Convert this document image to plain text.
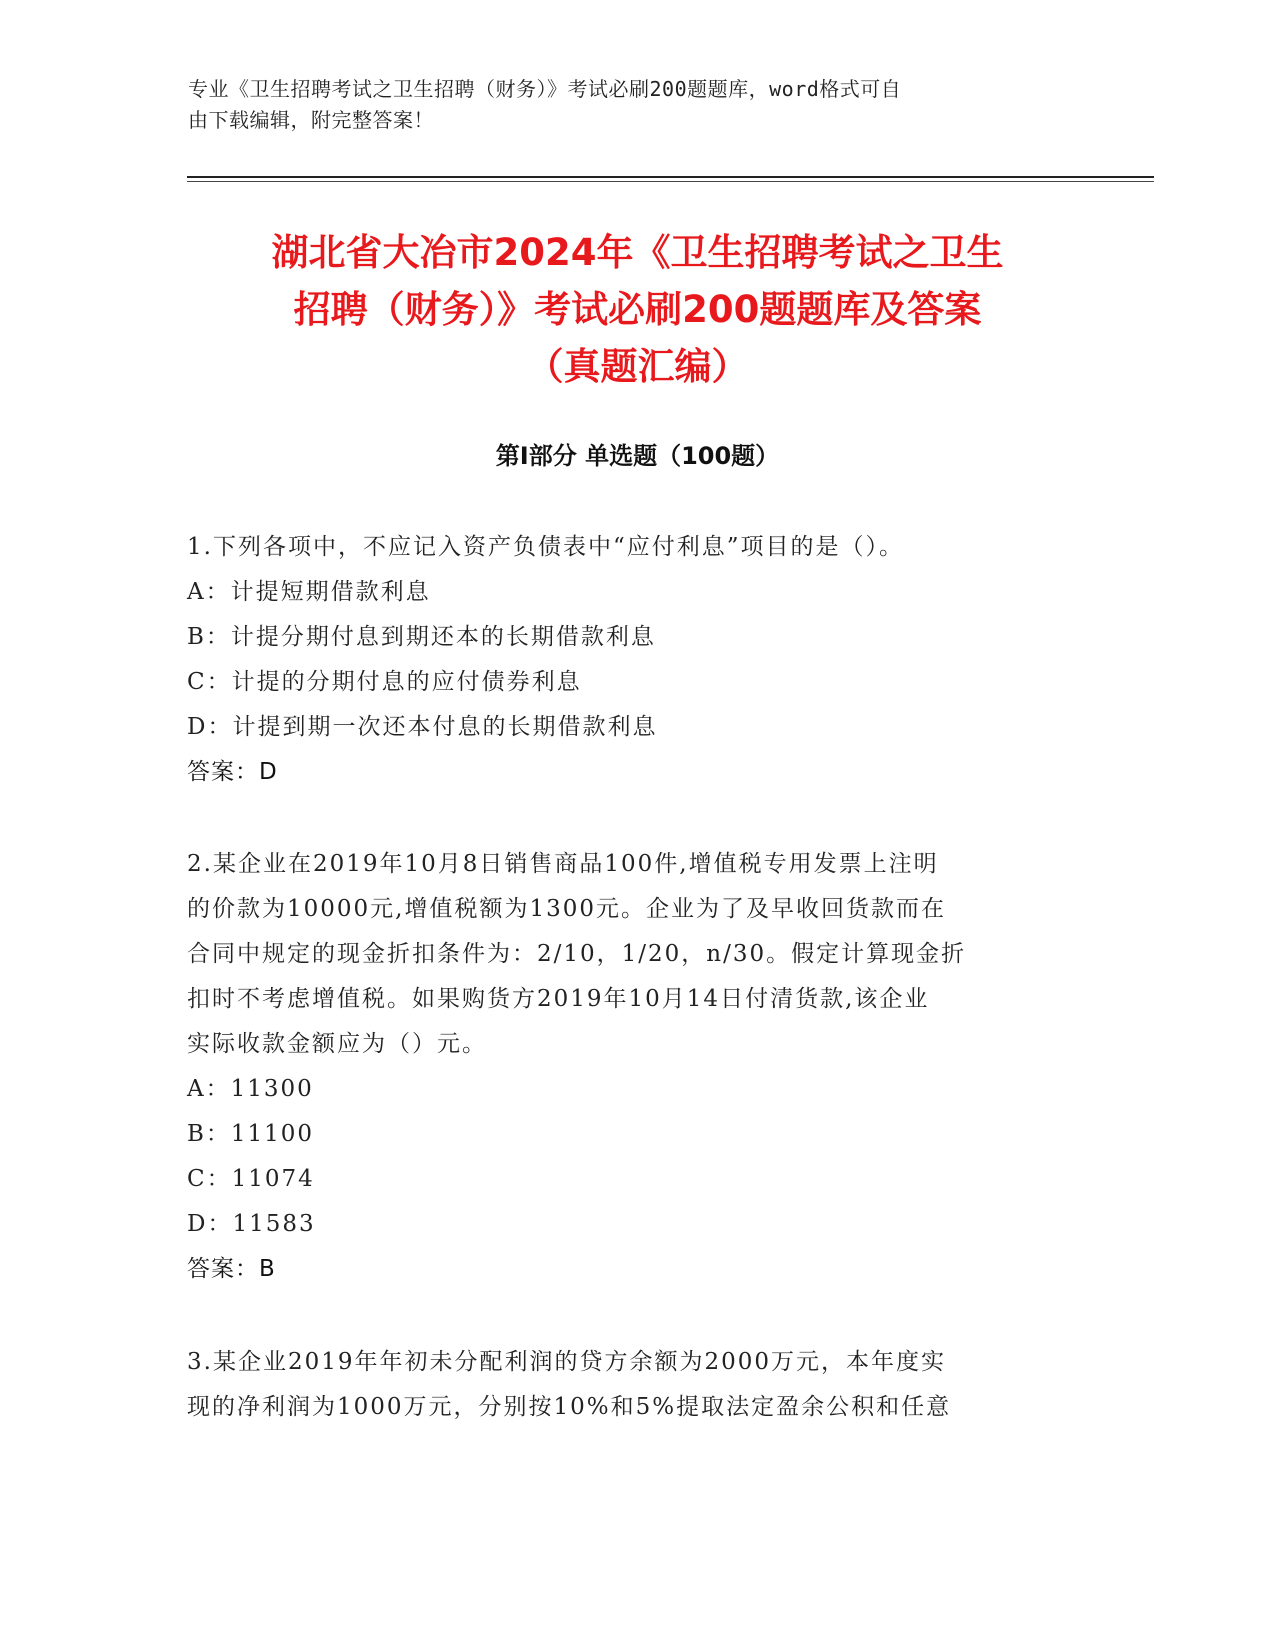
专业《卫生招聘考试之卫生招聘（财务）》考试必刷200题题库，word格式可自
由下载编辑，附完整答案！
湖北省大冶市2024年《卫生招聘考试之卫生
招聘（财务）》考试必刷200题题库及答案
（真题汇编）
第Ⅰ部分 单选题（100题）
1.下列各项中，不应记入资产负债表中“应付利息”项目的是（）。
A：计提短期借款利息
B：计提分期付息到期还本的长期借款利息
C：计提的分期付息的应付债券利息
D：计提到期一次还本付息的长期借款利息
答案：D
2.某企业在2019年10月8日销售商品100件,增值税专用发票上注明
的价款为10000元,增值税额为1300元。企业为了及早收回货款而在
合同中规定的现金折扣条件为：2/10，1/20，n/30。假定计算现金折
扣时不考虑增值税。如果购货方2019年10月14日付清货款,该企业
实际收款金额应为（）元。
A：11300
B：11100
C：11074
D：11583
答案：B
3.某企业2019年年初未分配利润的贷方余额为2000万元，本年度实
现的净利润为1000万元，分别按10%和5%提取法定盈余公积和任意
